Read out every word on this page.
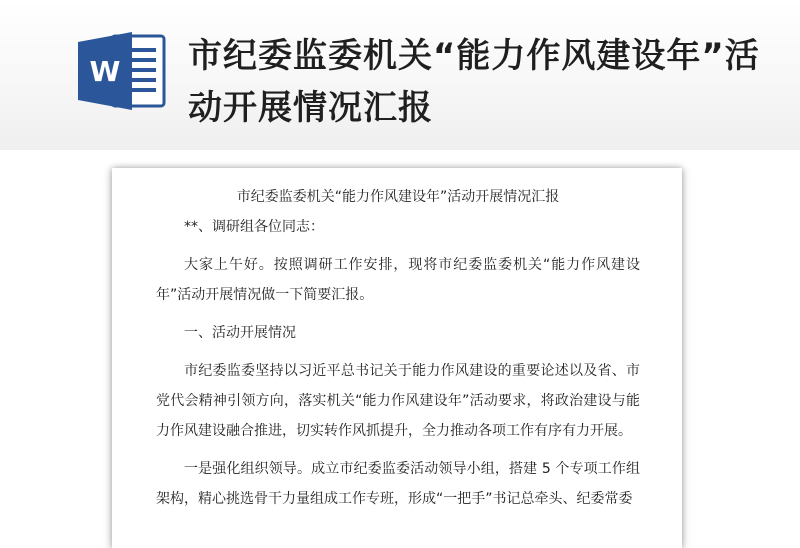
W 市纪委监委机关“能力作风建设年”活动开展情况汇报

市纪委监委机关“能力作风建设年”活动开展情况汇报

**、调研组各位同志：

大家上午好。按照调研工作安排，现将市纪委监委机关“能力作风建设年”活动开展情况做一下简要汇报。

一、活动开展情况

市纪委监委坚持以习近平总书记关于能力作风建设的重要论述以及省、市党代会精神引领方向，落实机关“能力作风建设年”活动要求，将政治建设与能力作风建设融合推进，切实转作风抓提升，全力推动各项工作有序有力开展。

一是强化组织领导。成立市纪委监委活动领导小组，搭建 5 个专项工作组架构，精心挑选骨干力量组成工作专班，形成“一把手”书记总牵头、纪委常委
